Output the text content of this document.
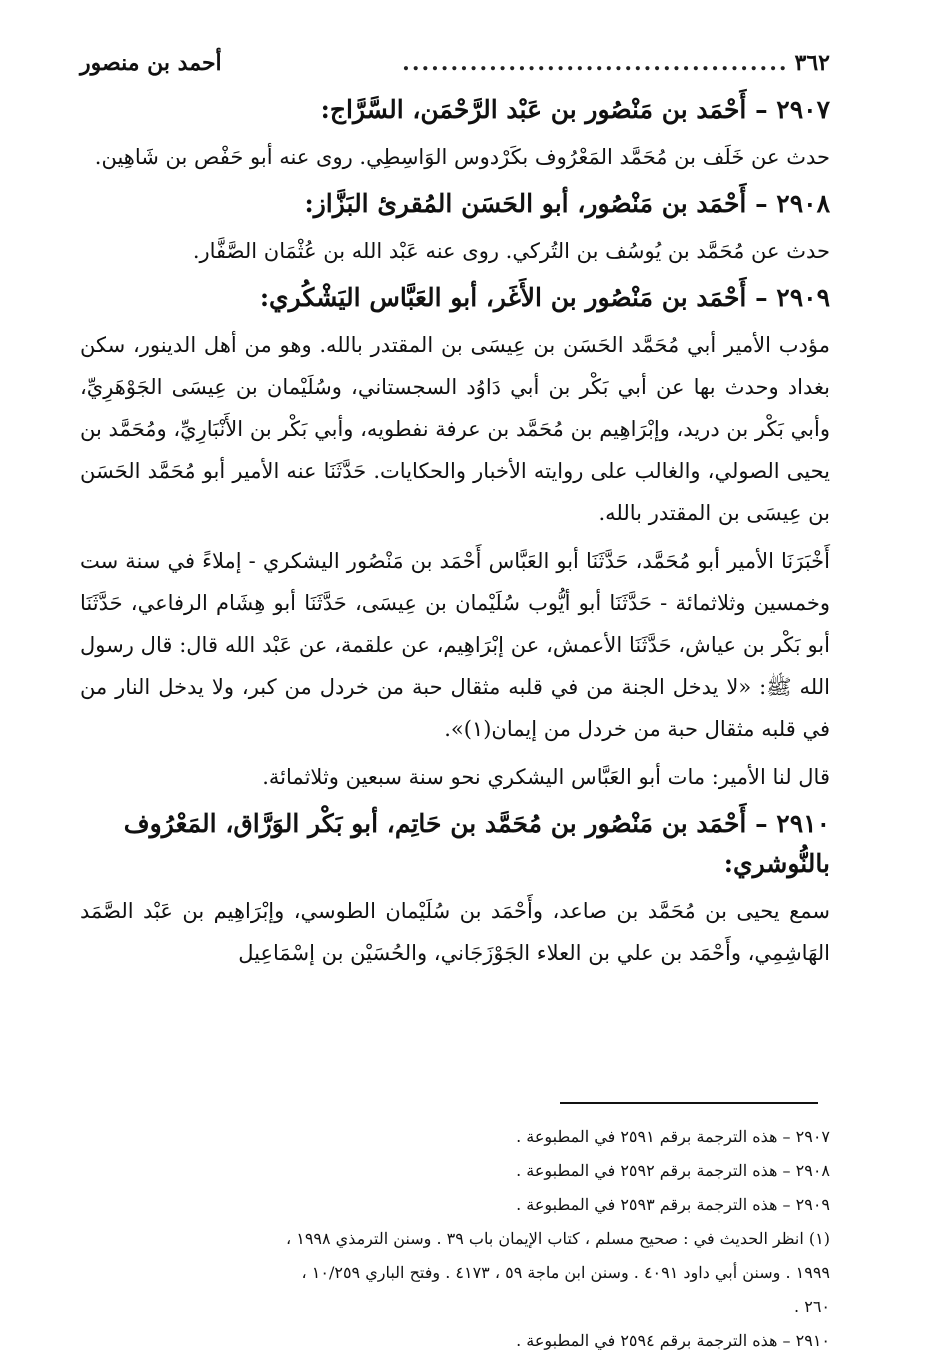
٣٦٢
........................................
أحمد بن منصور
٢٩٠٧ – أَحْمَد بن مَنْصُور بن عَبْد الرَّحْمَن، السَّرَّاج:
حدث عن خَلَف بن مُحَمَّد المَعْرُوف بكَرْدوس الوَاسِطِي. روى عنه أبو حَفْص بن شَاهِين.
٢٩٠٨ – أَحْمَد بن مَنْصُور، أبو الحَسَن المُقرئ البَزَّاز:
حدث عن مُحَمَّد بن يُوسُف بن التُركي. روى عنه عَبْد الله بن عُثْمَان الصَّفَّار.
٢٩٠٩ – أَحْمَد بن مَنْصُور بن الأَغَر، أبو العَبَّاس اليَشْكُري:
مؤدب الأمير أبي مُحَمَّد الحَسَن بن عِيسَى بن المقتدر بالله. وهو من أهل الدينور، سكن بغداد وحدث بها عن أبي بَكْر بن أبي دَاوُد السجستاني، وسُلَيْمان بن عِيسَى الجَوْهَرِيِّ، وأبي بَكْر بن دريد، وإبْرَاهِيم بن مُحَمَّد بن عرفة نفطويه، وأبي بَكْر بن الأَنْبَارِيِّ، ومُحَمَّد بن يحيى الصولي، والغالب على روايته الأخبار والحكايات. حَدَّثَنَا عنه الأمير أبو مُحَمَّد الحَسَن بن عِيسَى بن المقتدر بالله.
أَخْبَرَنَا الأمير أبو مُحَمَّد، حَدَّثَنَا أبو العَبَّاس أَحْمَد بن مَنْصُور اليشكري - إملاءً في سنة ست وخمسين وثلاثمائة - حَدَّثَنَا أبو أيُّوب سُلَيْمان بن عِيسَى، حَدَّثَنَا أبو هِشَام الرفاعي، حَدَّثَنَا أبو بَكْر بن عياش، حَدَّثَنَا الأعمش، عن إبْرَاهِيم، عن علقمة، عن عَبْد الله قال: قال رسول الله ﷺ: «لا يدخل الجنة من في قلبه مثقال حبة من خردل من كبر، ولا يدخل النار من في قلبه مثقال حبة من خردل من إيمان(١)».
قال لنا الأمير: مات أبو العَبَّاس اليشكري نحو سنة سبعين وثلاثمائة.
٢٩١٠ – أَحْمَد بن مَنْصُور بن مُحَمَّد بن حَاتِم، أبو بَكْر الوَرَّاق، المَعْرُوف بالنُّوشري:
سمع يحيى بن مُحَمَّد بن صاعد، وأَحْمَد بن سُلَيْمان الطوسي، وإبْرَاهِيم بن عَبْد الصَّمَد الهَاشِمِي، وأَحْمَد بن علي بن العلاء الجَوْزَجَاني، والحُسَيْن بن إسْمَاعِيل
٢٩٠٧ – هذه الترجمة برقم ٢٥٩١ في المطبوعة .
٢٩٠٨ – هذه الترجمة برقم ٢٥٩٢ في المطبوعة .
٢٩٠٩ – هذه الترجمة برقم ٢٥٩٣ في المطبوعة .
(١) انظر الحديث في : صحيح مسلم ، كتاب الإيمان باب ٣٩ . وسنن الترمذي ١٩٩٨ ،
١٩٩٩ . وسنن أبي داود ٤٠٩١ . وسنن ابن ماجة ٥٩ ، ٤١٧٣ . وفتح الباري ١٠/٢٥٩ ،
٢٦٠ .
٢٩١٠ – هذه الترجمة برقم ٢٥٩٤ في المطبوعة .
